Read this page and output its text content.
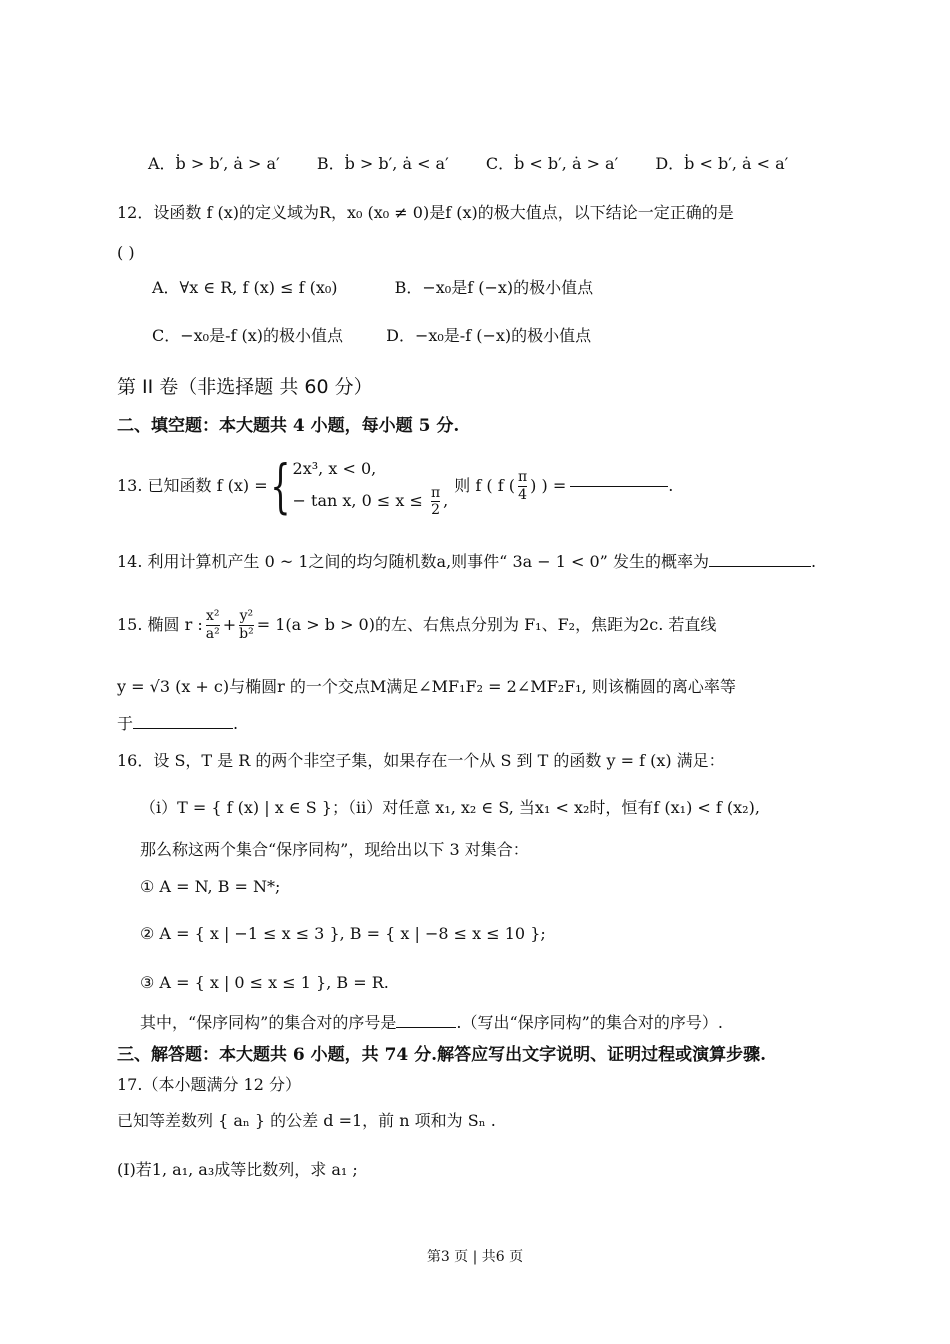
A．ḃ > b′, ȧ > a′ B．ḃ > b′, ȧ < a′ C．ḃ < b′, ȧ > a′ D．ḃ < b′, ȧ < a′
12．设函数 f (x)的定义域为R，x₀ (x₀ ≠ 0)是f (x)的极大值点，以下结论一定正确的是
( )
A．∀x ∈ R, f (x) ≤ f (x₀)	B．−x₀是f (−x)的极小值点
C．−x₀是-f (x)的极小值点	D．−x₀是-f (−x)的极小值点
第 II 卷（非选择题 共 60 分）
二、填空题：本大题共 4 小题，每小题 5 分.
13. 已知函数 f (x) = { 2x³, x < 0,
− tan x, $0 \le x \le \frac{\pi}{2}$ ,
则 f ( f ( $\frac{\pi}{4}$ ) ) =	.
14. 利用计算机产生 0 ~ 1之间的均匀随机数a,则事件“ 3a − 1 < 0” 发生的概率为	.
15. 椭圆 r : $\frac{\text{x²}}{\text{a²}} + \frac{\text{y²}}{\text{b²}} = 1(a > b > 0)$的左、右焦点分别为 F₁、F₂，焦距为2c. 若直线
y = √3 (x + c)与椭圆r 的一个交点M满足∠MF₁F₂ = 2∠MF₂F₁, 则该椭圆的离心率等
于	.
16．设 S，T 是 R 的两个非空子集，如果存在一个从 S 到 T 的函数 y = f (x) 满足：
（i）T = { f (x) | x ∈ S }；（ii）对任意 x₁, x₂ ∈ S, 当x₁ < x₂时，恒有f (x₁) < f (x₂),
那么称这两个集合“保序同构”，现给出以下 3 对集合：
① A = N, B = N*;
② A = { x | −1 ≤ x ≤ 3 }, B = { x | −8 ≤ x ≤ 10 };
③ A = { x | 0 ≤ x ≤ 1 }, B = R.
其中，“保序同构”的集合对的序号是	.（写出“保序同构”的集合对的序号）.
三、解答题：本大题共 6 小题，共 74 分.解答应写出文字说明、证明过程或演算步骤.
17.（本小题满分 12 分）
已知等差数列 { aₙ } 的公差 d =1，前 n 项和为 Sₙ .
(I)若1, a₁, a₃成等比数列，求 a₁ ;
第3 页 | 共6 页
